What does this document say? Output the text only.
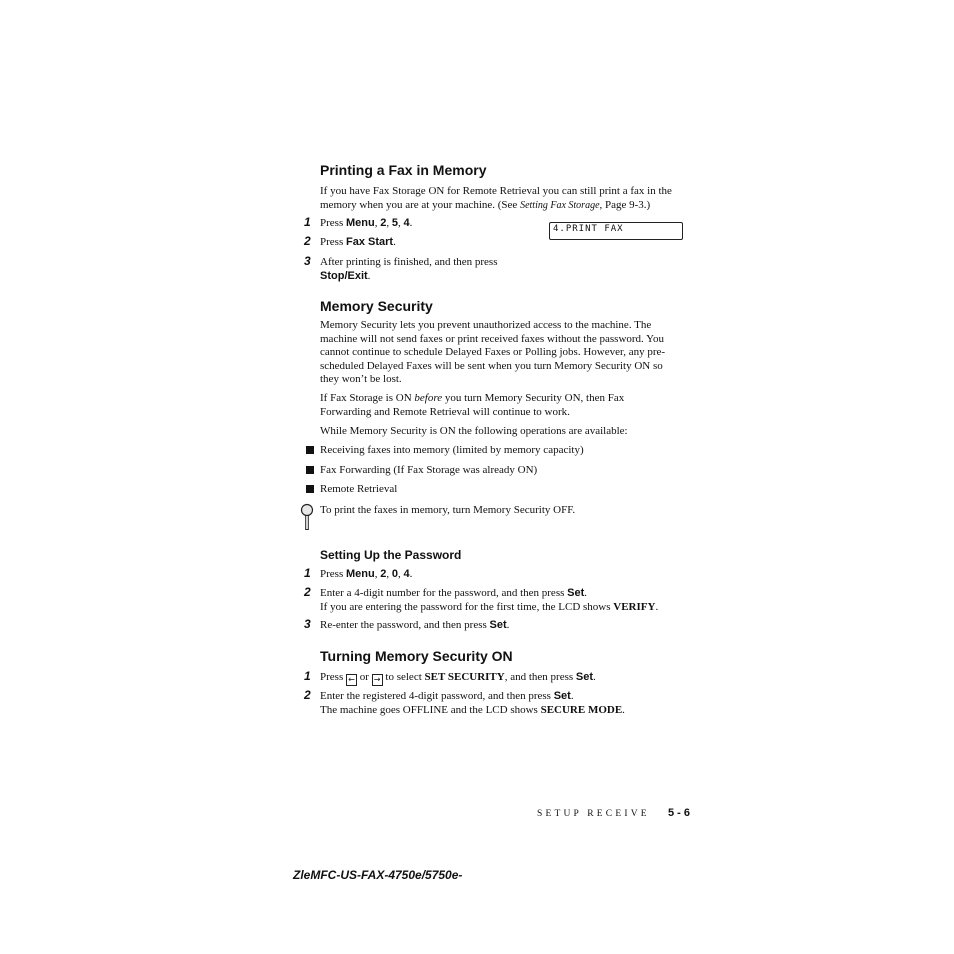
Printing a Fax in Memory
If you have Fax Storage ON for Remote Retrieval you can still print a fax in the
memory when you are at your machine. (See Setting Fax Storage, Page 9-3.)
4.PRINT FAX
1 Press Menu, 2, 5, 4.
2 Press Fax Start.
3 After printing is finished, and then press
Stop/Exit.
Memory Security
Memory Security lets you prevent unauthorized access to the machine. The
machine will not send faxes or print received faxes without the password. You
cannot continue to schedule Delayed Faxes or Polling jobs. However, any pre-
scheduled Delayed Faxes will be sent when you turn Memory Security ON so
they won’t be lost.
If Fax Storage is ON before you turn Memory Security ON, then Fax
Forwarding and Remote Retrieval will continue to work.
While Memory Security is ON the following operations are available:
Receiving faxes into memory (limited by memory capacity)
Fax Forwarding (If Fax Storage was already ON)
Remote Retrieval
To print the faxes in memory, turn Memory Security OFF.
Setting Up the Password
1 Press Menu, 2, 0, 4.
2 Enter a 4-digit number for the password, and then press Set.
If you are entering the password for the first time, the LCD shows VERIFY.
3 Re-enter the password, and then press Set.
Turning Memory Security ON
1 Press ← or → to select SET SECURITY, and then press Set.
2 Enter the registered 4-digit password, and then press Set.
The machine goes OFFLINE and the LCD shows SECURE MODE.
SETUP RECEIVE 5 - 6
ZleMFC-US-FAX-4750e/5750e-
